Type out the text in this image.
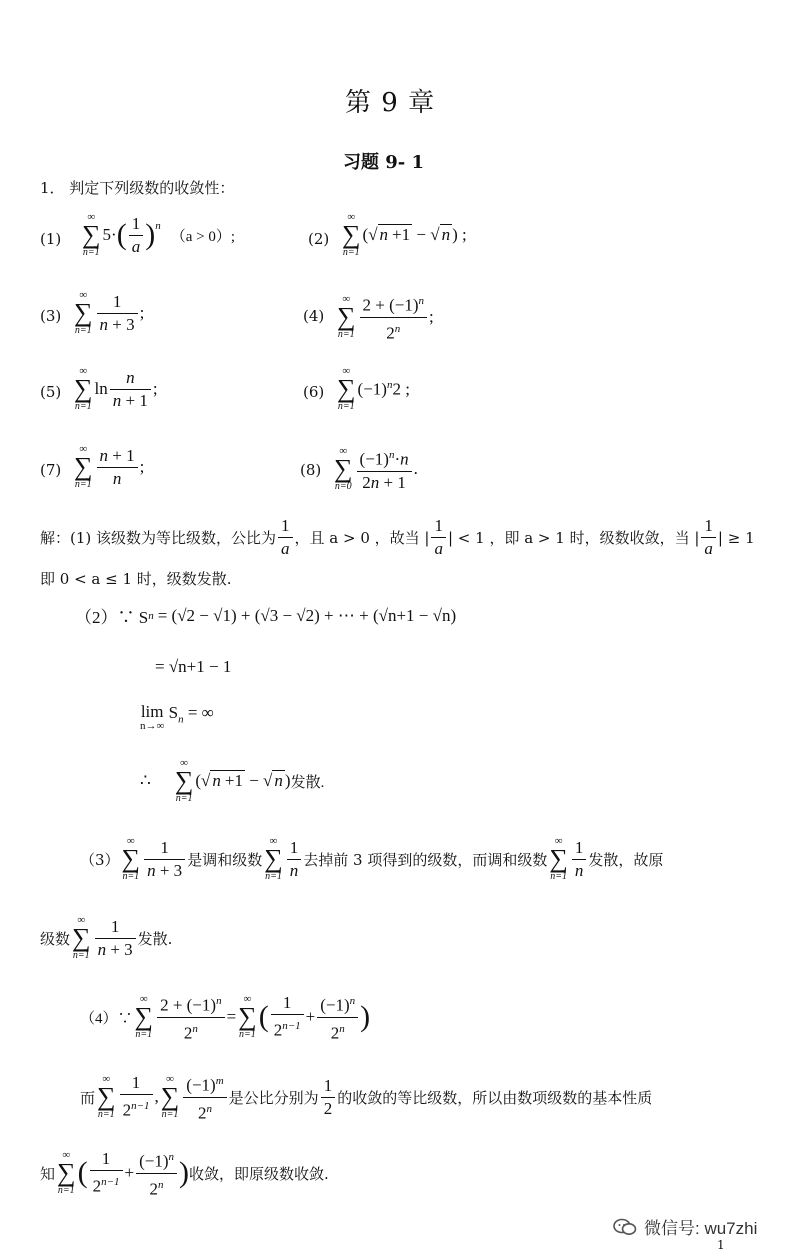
第 9 章
习题 9- 1
1． 判定下列级数的收敛性：
(1)
∞
∑
n=1
5· ( $\frac{1}{a}$ ) n
（a > 0）;	(2)
∞
∑
n=1
(√ n +1 − √ n ) ;
(3)
∞
∑
$n=1 \frac{1}{n + 3}$ ;	(4)
∞
∑
$n=1 \frac{2 + (-1)^n}{2^n}$ ;
(5)
∞
∑
n=1
$\ln \frac{n}{n + 1}$ ;	(6)
∞
∑
n=1
$(-1)^n2$ ;
(7)
∞
∑
$n=1 \frac{n + 1}{n}$ ;	(8)
∞
∑
$n=0 \frac{(-1)^n\cdot n}{2n + 1}$ .
解：(1) 该级数为等比级数，公比为 $\frac{1}{a}$ ，且 a > 0 ，故当 | $\frac{1}{a}$ | < 1 ，即 a > 1 时，级数收敛，当 | $\frac{1}{a}$ | ≥ 1
即 0 < a ≤ 1 时，级数发散.
（2）∵ S n = (√2 − √1) + (√3 − √2) + ⋯ + (√n+1 − √n)
= √n+1 − 1
lim
n→∞
$S_n$ = ∞
∴
∞
∑
n=1
(√ n +1 − √ n ) 发散.
（3）
∞
∑
$n=1 \frac{1}{n + 3}$ 是调和级数
∞
∑
$n=1 \frac{1}{n}$ 去掉前 3 项得到的级数，而调和级数
∞
∑
$n=1 \frac{1}{n}$ 发散，故原
级数
∞
∑
$n=1 \frac{1}{n + 3}$ 发散.
（4）∵
∞
∑
$n=1 \frac{2 + (-1)^n}{2^n}$ =
∞
∑
n=1
( $\frac{1}{2^{n-1}} + \frac{(-1)^n}{2^n}$ )
而
∞
∑
$n=1 \frac{1}{2^{n-1}}$ ,
∞
∑
$n=1 \frac{(-1)^m}{2^n}$ 是公比分别为 $\frac{1}{2}$ 的收敛的等比级数，所以由数项级数的基本性质
知
∞
∑
n=1
( $\frac{1}{2^{n-1}} + \frac{(-1)^n}{2^n}$ ) 收敛，即原级数收敛.
微信号: wu7zhi
1
